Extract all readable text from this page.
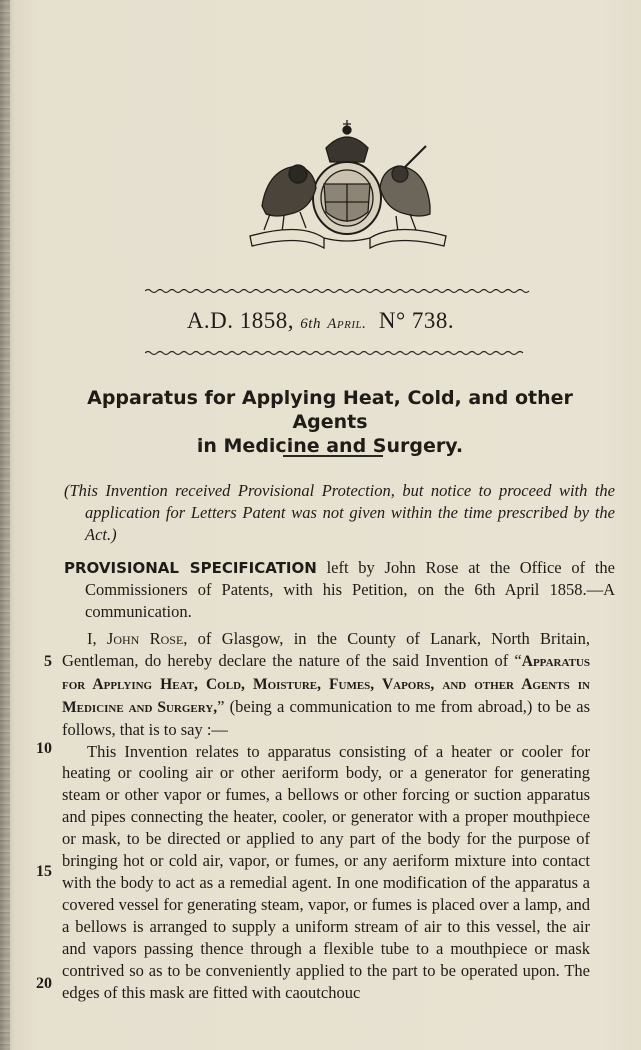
A.D. 1858, 6th April. N° 738.
Apparatus for Applying Heat, Cold, and other Agents
in Medicine and Surgery.
(This Invention received Provisional Protection, but notice to proceed with the application for Letters Patent was not given within the time prescribed by the Act.)
PROVISIONAL SPECIFICATION left by John Rose at the Office of the Commissioners of Patents, with his Petition, on the 6th April 1858.—A communication.

I, John Rose, of Glasgow, in the County of Lanark, North Britain, Gentleman, do hereby declare the nature of the said Invention of “Apparatus for Applying Heat, Cold, Moisture, Fumes, Vapors, and other Agents in Medicine and Surgery,” (being a communication to me from abroad,) to be as follows, that is to say :—

This Invention relates to apparatus consisting of a heater or cooler for heating or cooling air or other aeriform body, or a generator for generating steam or other vapor or fumes, a bellows or other forcing or suction apparatus and pipes connecting the heater, cooler, or generator with a proper mouthpiece or mask, to be directed or applied to any part of the body for the purpose of bringing hot or cold air, vapor, or fumes, or any aeriform mixture into contact with the body to act as a remedial agent. In one modification of the apparatus a covered vessel for generating steam, vapor, or fumes is placed over a lamp, and a bellows is arranged to supply a uniform stream of air to this vessel, the air and vapors passing thence through a flexible tube to a mouthpiece or mask contrived so as to be conveniently applied to the part to be operated upon. The edges of this mask are fitted with caoutchouc

5
10
15
20
